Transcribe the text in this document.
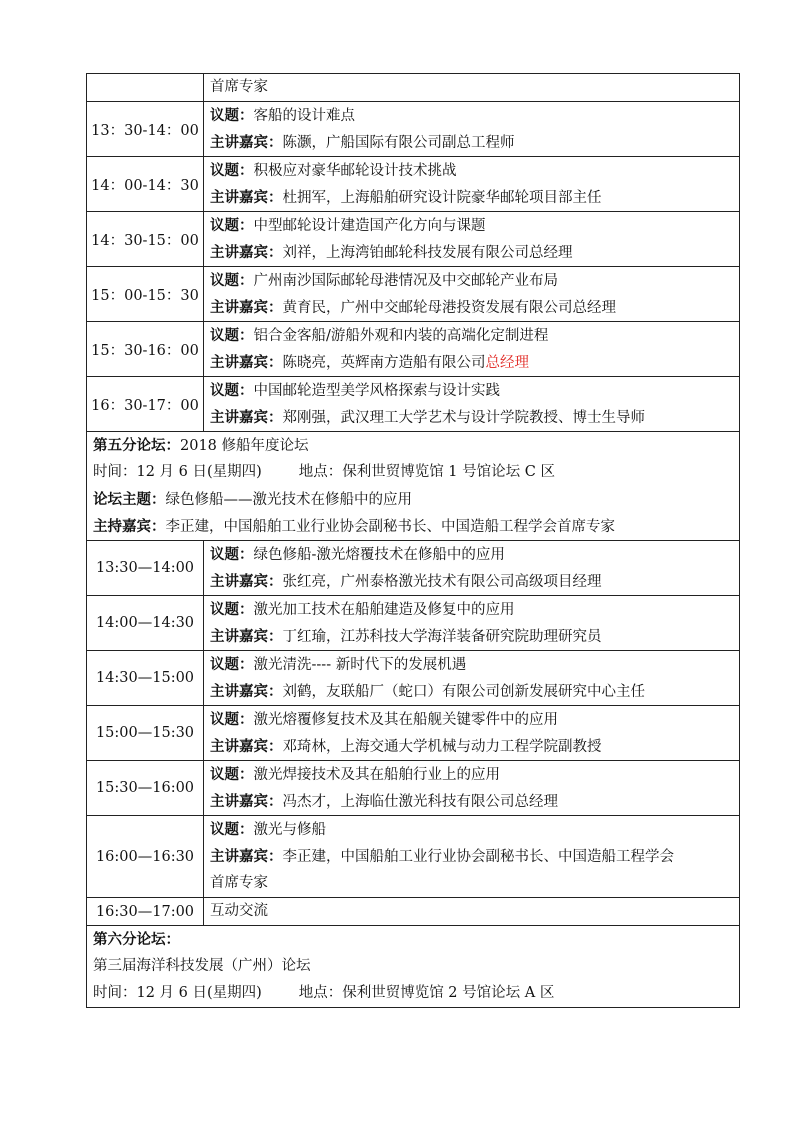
	首席专家

13：30-14：00	议题：客船的设计难点
主讲嘉宾：陈灏，广船国际有限公司副总工程师

14：00-14：30	议题：积极应对豪华邮轮设计技术挑战
主讲嘉宾：杜拥军，上海船舶研究设计院豪华邮轮项目部主任

14：30-15：00	议题：中型邮轮设计建造国产化方向与课题
主讲嘉宾：刘祥，上海湾铂邮轮科技发展有限公司总经理

15：00-15：30	议题：广州南沙国际邮轮母港情况及中交邮轮产业布局
主讲嘉宾：黄育民，广州中交邮轮母港投资发展有限公司总经理

15：30-16：00	议题：铝合金客船/游船外观和内装的高端化定制进程
主讲嘉宾：陈晓亮，英辉南方造船有限公司总经理

16：30-17：00	议题：中国邮轮造型美学风格探索与设计实践
主讲嘉宾：郑刚强，武汉理工大学艺术与设计学院教授、博士生导师

第五分论坛：2018 修船年度论坛
时间：12 月 6 日(星期四)        地点：保利世贸博览馆 1 号馆论坛 C 区
论坛主题：绿色修船——激光技术在修船中的应用
主持嘉宾：李正建，中国船舶工业行业协会副秘书长、中国造船工程学会首席专家	

13:30—14:00	议题：绿色修船-激光熔覆技术在修船中的应用
主讲嘉宾：张红亮，广州泰格激光技术有限公司高级项目经理

14:00—14:30	议题：激光加工技术在船舶建造及修复中的应用
主讲嘉宾：丁红瑜，江苏科技大学海洋装备研究院助理研究员

14:30—15:00	议题：激光清洗---- 新时代下的发展机遇
主讲嘉宾：刘鹤，友联船厂（蛇口）有限公司创新发展研究中心主任

15:00—15:30	议题：激光熔覆修复技术及其在船舰关键零件中的应用
主讲嘉宾：邓琦林，上海交通大学机械与动力工程学院副教授

15:30—16:00	议题：激光焊接技术及其在船舶行业上的应用
主讲嘉宾：冯杰才，上海临仕激光科技有限公司总经理

16:00—16:30	议题：激光与修船
主讲嘉宾：李正建，中国船舶工业行业协会副秘书长、中国造船工程学会
首席专家

16:30—17:00	互动交流

第六分论坛：
第三届海洋科技发展（广州）论坛
时间：12 月 6 日(星期四)        地点：保利世贸博览馆 2 号馆论坛 A 区	
